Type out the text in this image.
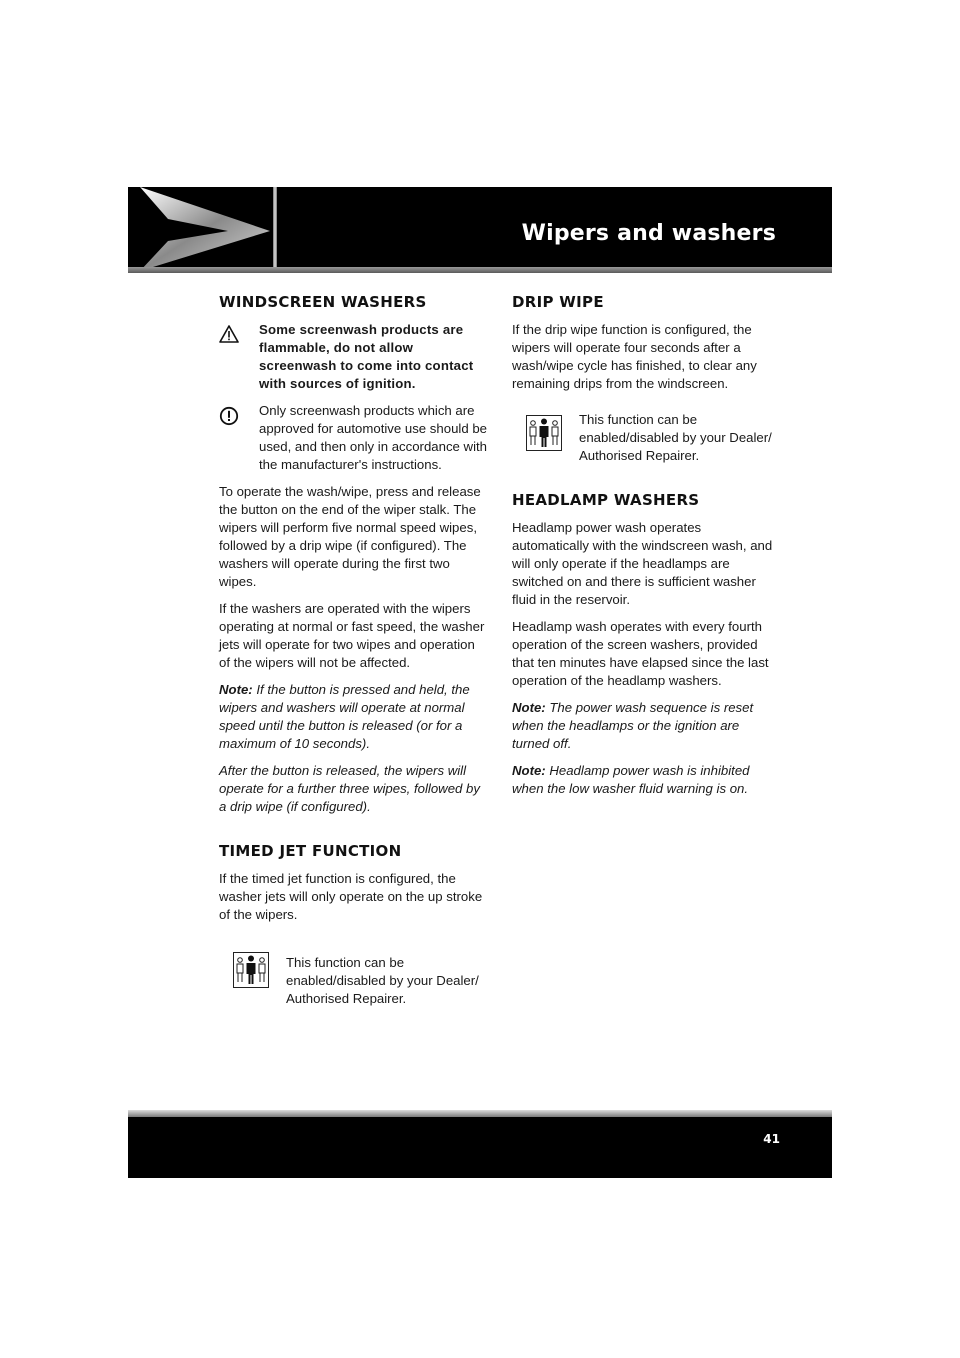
Wipers and washers
WINDSCREEN WASHERS
Some screenwash products are flammable, do not allow screenwash to come into contact with sources of ignition.
Only screenwash products which are approved for automotive use should be used, and then only in accordance with the manufacturer's instructions.

To operate the wash/wipe, press and release the button on the end of the wiper stalk. The wipers will perform five normal speed wipes, followed by a drip wipe (if configured). The washers will operate during the first two wipes.

If the washers are operated with the wipers operating at normal or fast speed, the washer jets will operate for two wipes and operation of the wipers will not be affected.

Note: If the button is pressed and held, the wipers and washers will operate at normal speed until the button is released (or for a maximum of 10 seconds).

After the button is released, the wipers will operate for a further three wipes, followed by a drip wipe (if configured).

TIMED JET FUNCTION

If the timed jet function is configured, the washer jets will only operate on the up stroke of the wipers.

This function can be enabled/disabled by your Dealer/ Authorised Repairer.
DRIP WIPE

If the drip wipe function is configured, the wipers will operate four seconds after a wash/wipe cycle has finished, to clear any remaining drips from the windscreen.

This function can be enabled/disabled by your Dealer/ Authorised Repairer.
HEADLAMP WASHERS

Headlamp power wash operates automatically with the windscreen wash, and will only operate if the headlamps are switched on and there is sufficient washer fluid in the reservoir.

Headlamp wash operates with every fourth operation of the screen washers, provided that ten minutes have elapsed since the last operation of the headlamp washers.

Note: The power wash sequence is reset when the headlamps or the ignition are turned off.

Note: Headlamp power wash is inhibited when the low washer fluid warning is on.

41
